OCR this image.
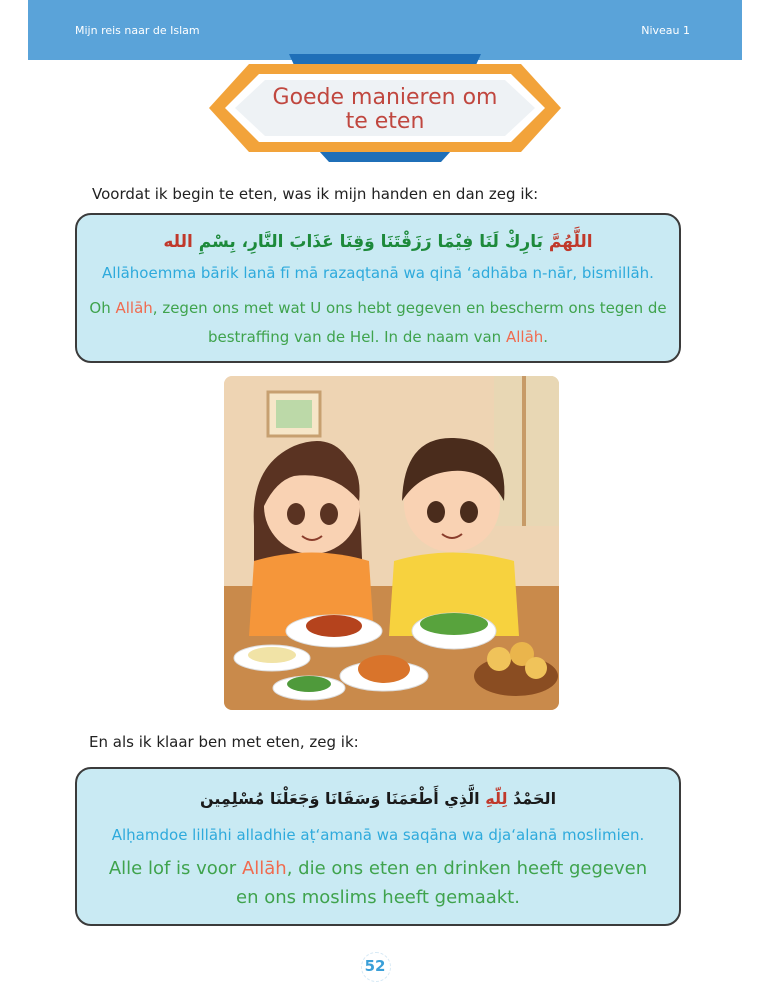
Mijn reis naar de Islam	Niveau 1
Goede manieren om
te eten
Voordat ik begin te eten, was ik mijn handen en dan zeg ik:
اللَّهُمَّ بَارِكْ لَنَا فِيْمَا رَزَقْتَنَا وَقِنَا عَذَابَ النَّارِ، بِسْمِ الله
Allāhoemma bārik lanā fī mā razaqtanā wa qinā ‘adhāba n-nār, bismillāh.
Oh Allāh, zegen ons met wat U ons hebt gegeven en bescherm ons tegen de bestraffing van de Hel. In de naam van Allāh.
En als ik klaar ben met eten, zeg ik:
الحَمْدُ لِلّهِ الَّذِي أَطْعَمَنَا وَسَقَانَا وَجَعَلْنَا مُسْلِمِين
Alḥamdoe lillāhi alladhie aṭ‘amanā wa saqāna wa dja‘alanā moslimien.
Alle lof is voor Allāh, die ons eten en drinken heeft gegeven en ons moslims heeft gemaakt.
52
